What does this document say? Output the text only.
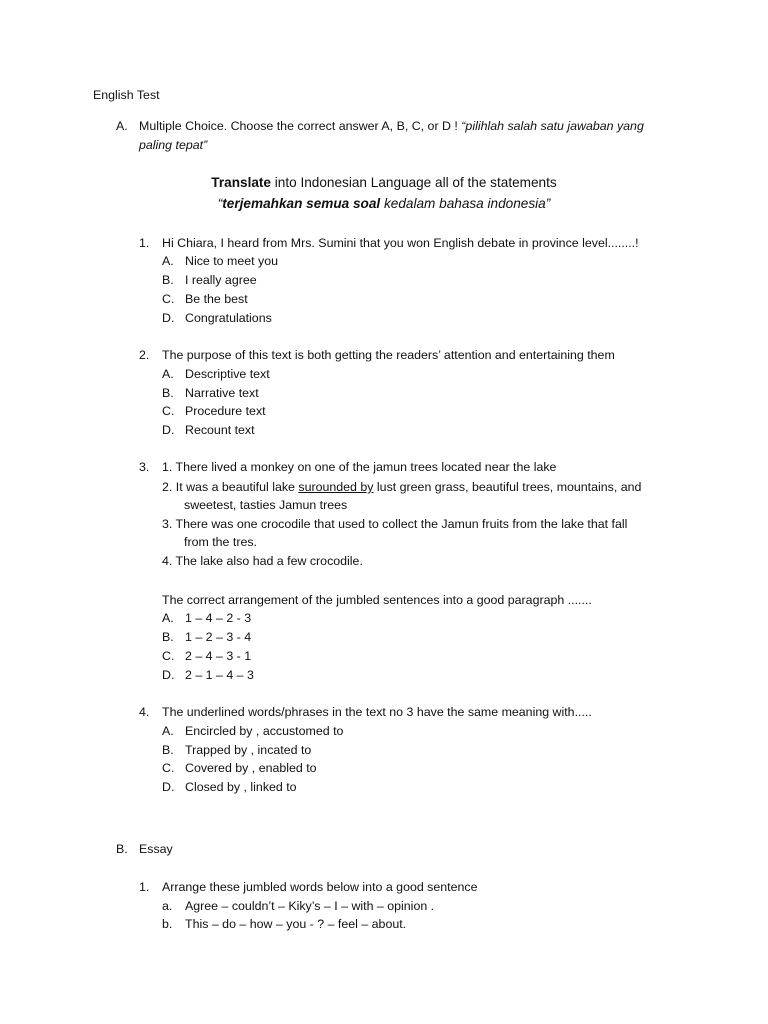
English Test
A. Multiple Choice. Choose the correct answer A, B, C, or D ! “pilihlah salah satu jawaban yang
paling tepat”
Translate into Indonesian Language all of the statements
“terjemahkan semua soal kedalam bahasa indonesia”
1. Hi Chiara, I heard from Mrs. Sumini that you won English debate in province level........!
A. Nice to meet you
B. I really agree
C. Be the best
D. Congratulations
2. The purpose of this text is both getting the readers’ attention and entertaining them
A. Descriptive text
B. Narrative text
C. Procedure text
D. Recount text
3. 1. There lived a monkey on one of the jamun trees located near the lake
2. It was a beautiful lake surounded by lust green grass, beautiful trees, mountains, and
sweetest, tasties Jamun trees
3. There was one crocodile that used to collect the Jamun fruits from the lake that fall
from the tres.
4. The lake also had a few crocodile.
The correct arrangement of the jumbled sentences into a good paragraph .......
A. 1 – 4 – 2 - 3
B. 1 – 2 – 3 - 4
C. 2 – 4 – 3 - 1
D. 2 – 1 – 4 – 3
4. The underlined words/phrases in the text no 3 have the same meaning with.....
A. Encircled by , accustomed to
B. Trapped by , incated to
C. Covered by , enabled to
D. Closed by , linked to
B. Essay
1. Arrange these jumbled words below into a good sentence
a. Agree – couldn’t – Kiky’s – I – with – opinion .
b. This – do – how – you - ? – feel – about.
